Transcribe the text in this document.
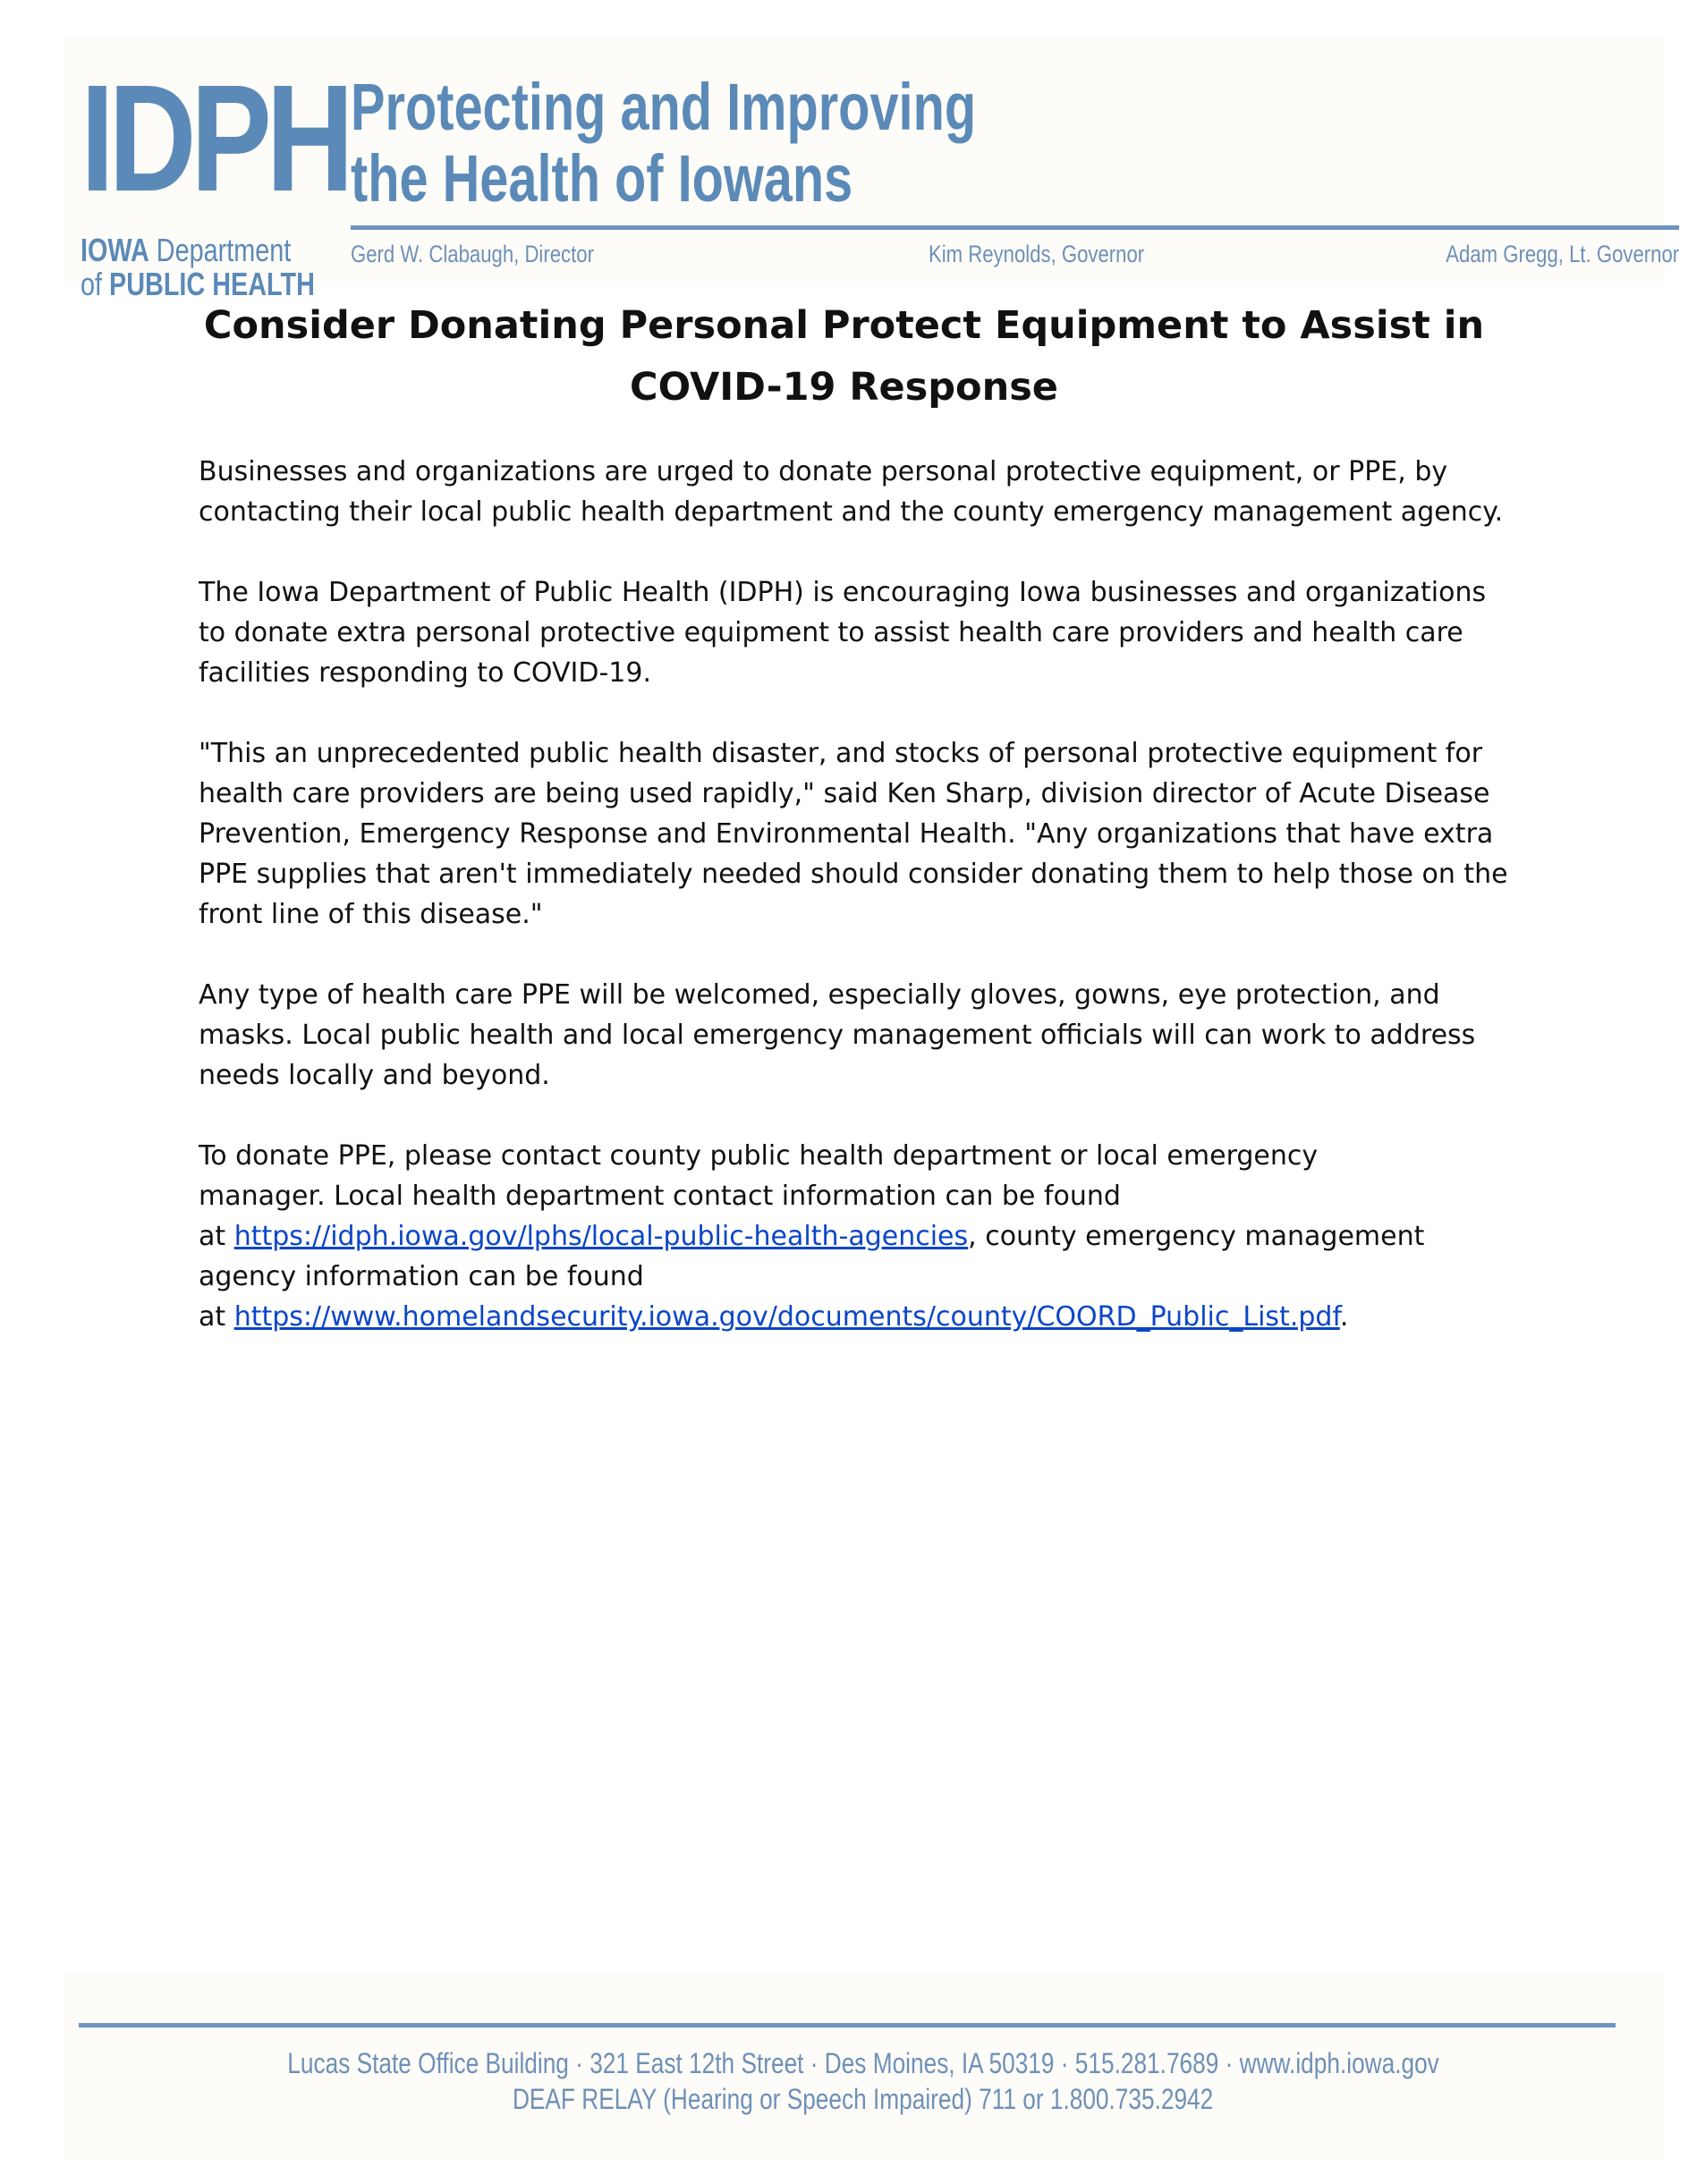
IDPH
IOWA Department
of PUBLIC HEALTH
Protecting and Improving
the Health of Iowans
Gerd W. Clabaugh, Director	Kim Reynolds, Governor	Adam Gregg, Lt. Governor
Consider Donating Personal Protect Equipment to Assist in
COVID-19 Response

Businesses and organizations are urged to donate personal protective equipment, or PPE, by contacting their local public health department and the county emergency management agency.

The Iowa Department of Public Health (IDPH) is encouraging Iowa businesses and organizations to donate extra personal protective equipment to assist health care providers and health care facilities responding to COVID-19.

"This an unprecedented public health disaster, and stocks of personal protective equipment for health care providers are being used rapidly," said Ken Sharp, division director of Acute Disease Prevention, Emergency Response and Environmental Health. "Any organizations that have extra PPE supplies that aren't immediately needed should consider donating them to help those on the front line of this disease."

Any type of health care PPE will be welcomed, especially gloves, gowns, eye protection, and masks. Local public health and local emergency management officials will can work to address needs locally and beyond.

To donate PPE, please contact county public health department or local emergency
manager. Local health department contact information can be found
at https://idph.iowa.gov/lphs/local-public-health-agencies, county emergency management
agency information can be found
at https://www.homelandsecurity.iowa.gov/documents/county/COORD_Public_List.pdf.

Lucas State Office Building · 321 East 12th Street · Des Moines, IA 50319 · 515.281.7689 · www.idph.iowa.gov
DEAF RELAY (Hearing or Speech Impaired) 711 or 1.800.735.2942
